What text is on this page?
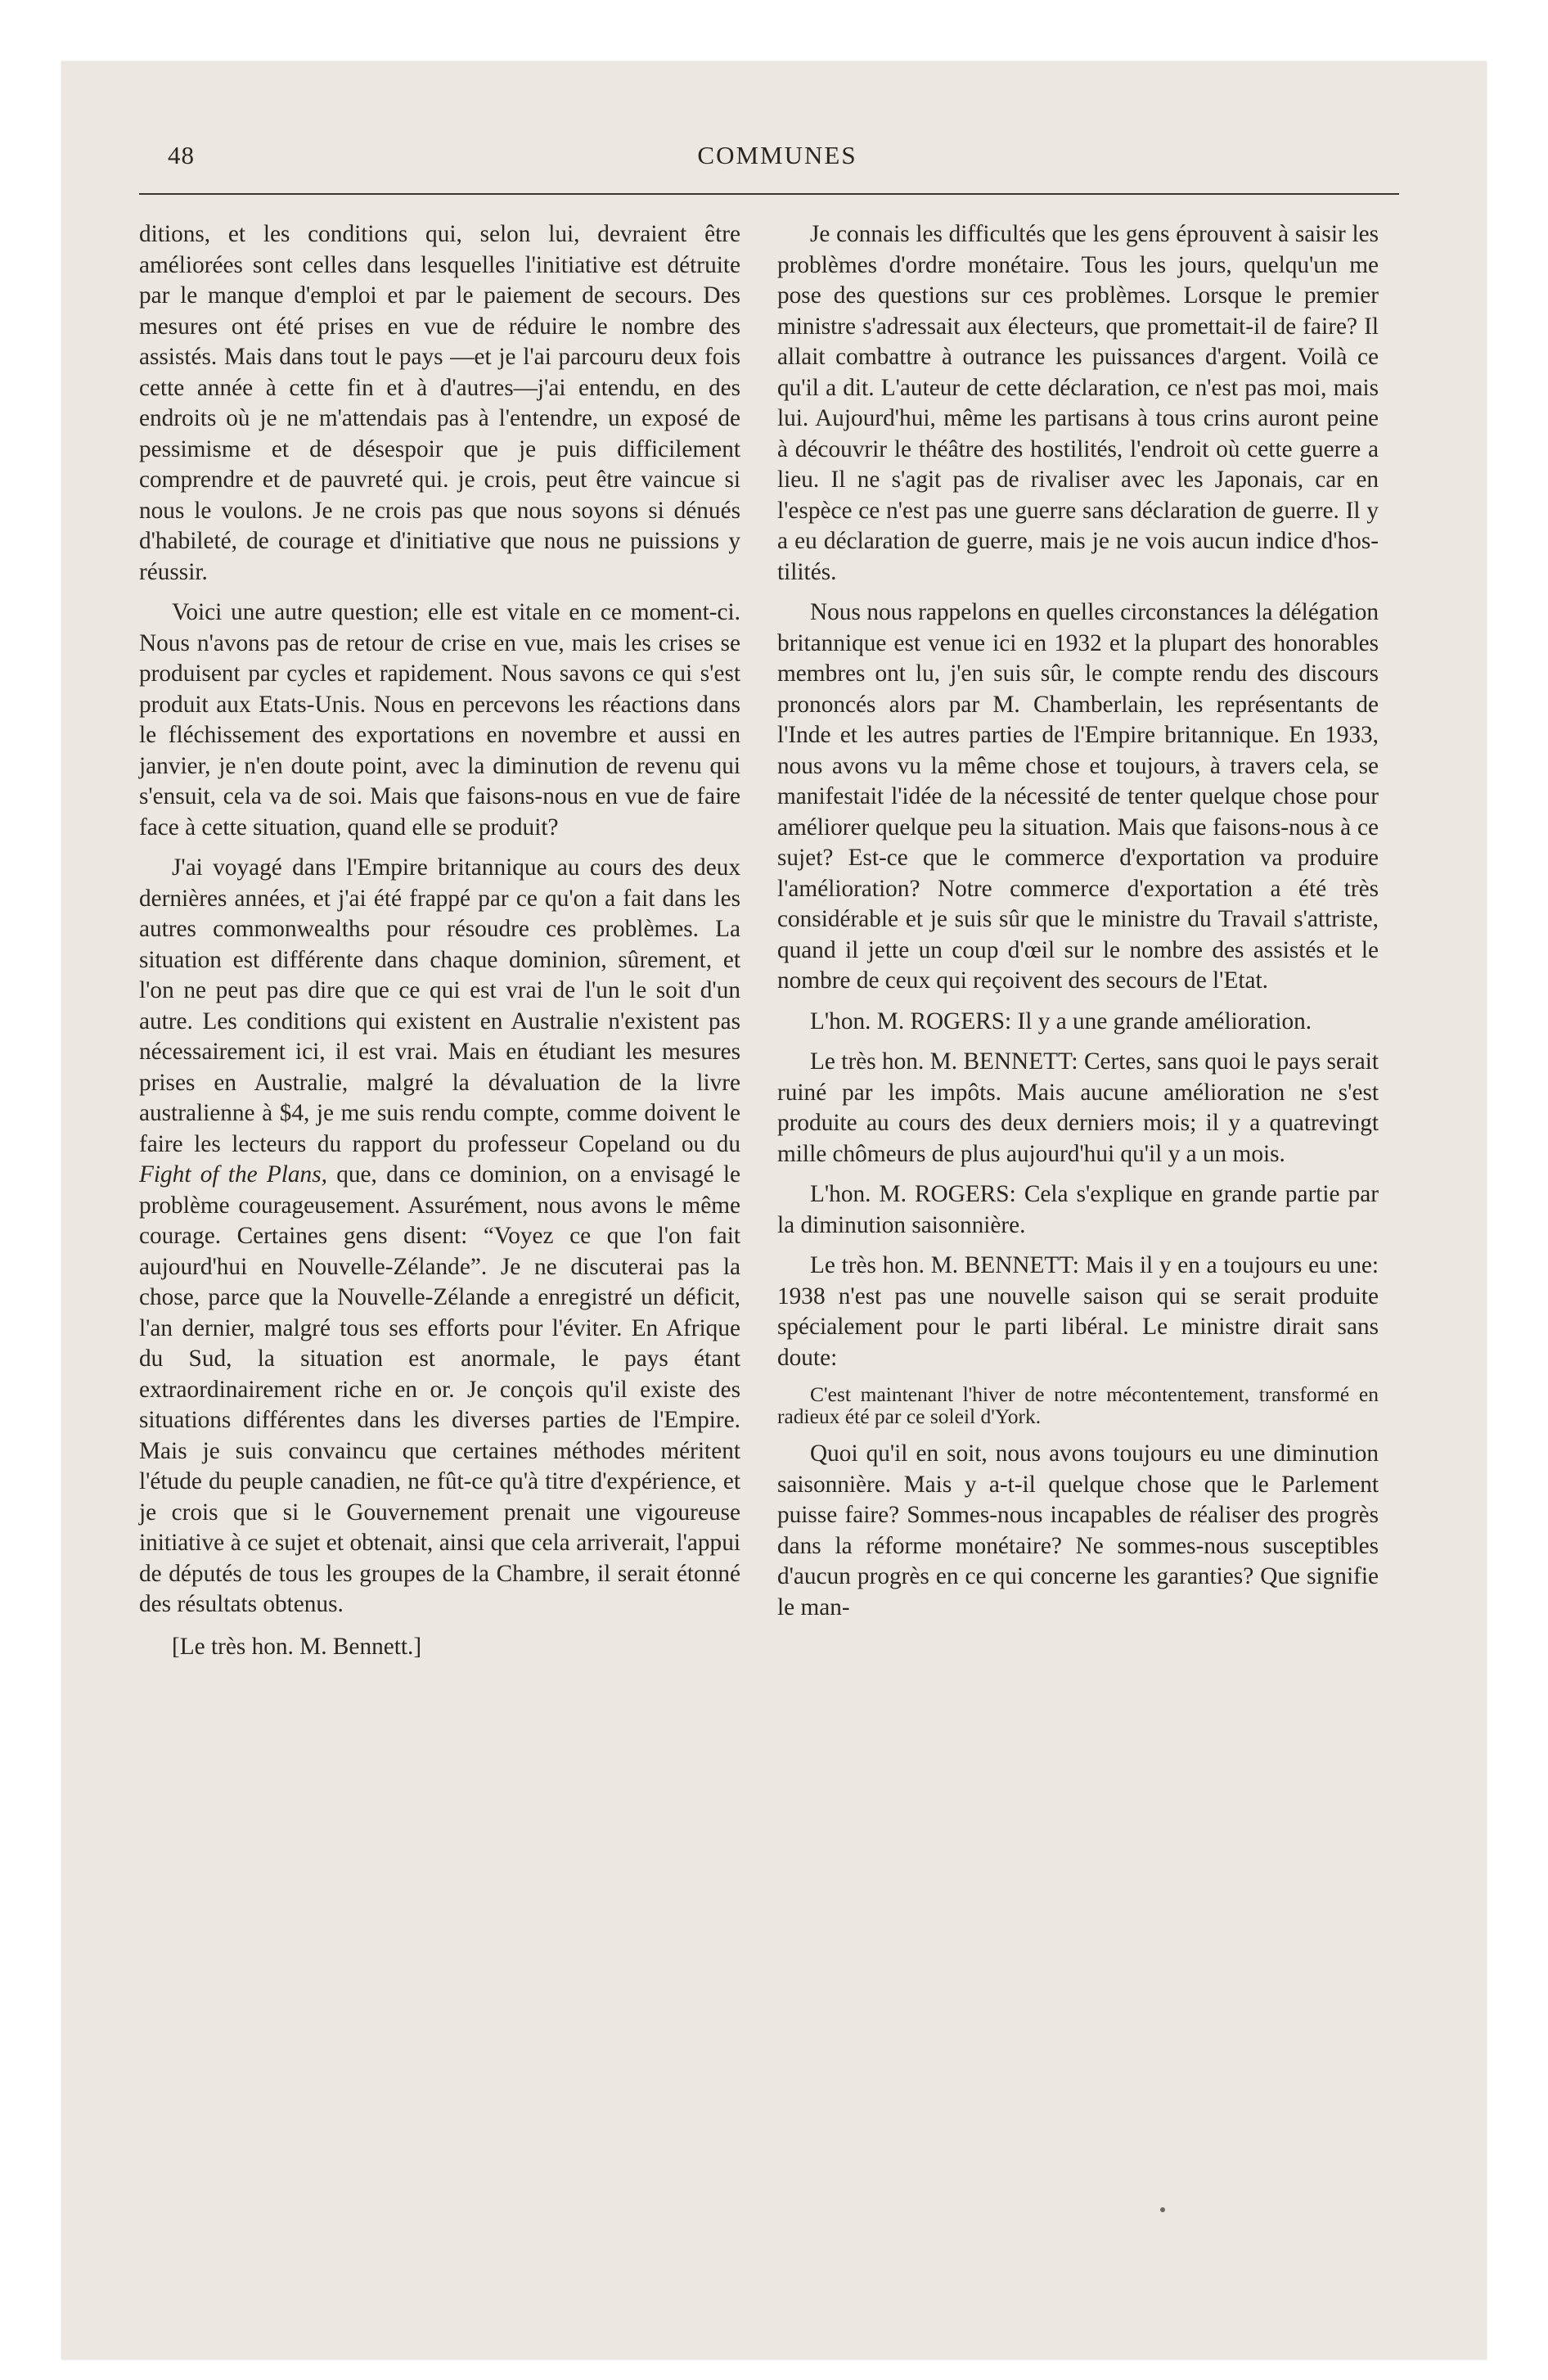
48	COMMUNES

ditions, et les conditions qui, selon lui, devraient être améliorées sont celles dans lesquelles l'initiative est détruite par le manque d'emploi et par le paiement de secours. Des mesures ont été prises en vue de réduire le nombre des assistés. Mais dans tout le pays —et je l'ai parcouru deux fois cette année à cette fin et à d'autres—j'ai entendu, en des endroits où je ne m'attendais pas à l'entendre, un exposé de pessimisme et de désespoir que je puis difficilement comprendre et de pauvreté qui. je crois, peut être vaincue si nous le voulons. Je ne crois pas que nous soyons si dénués d'habileté, de courage et d'initiative que nous ne puissions y réussir.

Voici une autre question; elle est vitale en ce moment-ci. Nous n'avons pas de retour de crise en vue, mais les crises se produisent par cycles et rapidement. Nous savons ce qui s'est produit aux Etats-Unis. Nous en percevons les réactions dans le fléchissement des exportations en novembre et aussi en janvier, je n'en doute point, avec la diminution de revenu qui s'ensuit, cela va de soi. Mais que faisons-nous en vue de faire face à cette situation, quand elle se produit?

J'ai voyagé dans l'Empire britannique au cours des deux dernières années, et j'ai été frappé par ce qu'on a fait dans les autres commonwealths pour résoudre ces problèmes. La situation est différente dans chaque dominion, sûrement, et l'on ne peut pas dire que ce qui est vrai de l'un le soit d'un autre. Les conditions qui existent en Australie n'existent pas nécessairement ici, il est vrai. Mais en étudiant les mesures prises en Australie, malgré la dévaluation de la livre australienne à $4, je me suis rendu compte, comme doivent le faire les lecteurs du rapport du professeur Copeland ou du Fight of the Plans, que, dans ce dominion, on a envisagé le problème courageusement. Assurément, nous avons le même courage. Certaines gens disent: “Voyez ce que l'on fait aujourd'hui en Nouvelle-Zélande”. Je ne discuterai pas la chose, parce que la Nouvelle-Zélande a enregistré un déficit, l'an dernier, malgré tous ses efforts pour l'éviter. En Afrique du Sud, la situation est anormale, le pays étant extraordinairement riche en or. Je conçois qu'il existe des situations différentes dans les diverses parties de l'Empire. Mais je suis convaincu que certaines méthodes méritent l'étude du peuple canadien, ne fût-ce qu'à titre d'expérience, et je crois que si le Gouvernement prenait une vigoureuse initiative à ce sujet et obtenait, ainsi que cela arriverait, l'appui de députés de tous les groupes de la Chambre, il serait étonné des résultats obtenus.

[Le très hon. M. Bennett.]

Je connais les difficultés que les gens éprouvent à saisir les problèmes d'ordre monétaire. Tous les jours, quelqu'un me pose des questions sur ces problèmes. Lorsque le premier ministre s'adressait aux électeurs, que promettait-il de faire? Il allait combattre à outrance les puissances d'argent. Voilà ce qu'il a dit. L'auteur de cette déclaration, ce n'est pas moi, mais lui. Aujourd'hui, même les partisans à tous crins auront peine à découvrir le théâtre des hostilités, l'endroit où cette guerre a lieu. Il ne s'agit pas de rivaliser avec les Japonais, car en l'espèce ce n'est pas une guerre sans déclaration de guerre. Il y a eu déclaration de guerre, mais je ne vois aucun indice d'hostilités.

Nous nous rappelons en quelles circonstances la délégation britannique est venue ici en 1932 et la plupart des honorables membres ont lu, j'en suis sûr, le compte rendu des discours prononcés alors par M. Chamberlain, les représentants de l'Inde et les autres parties de l'Empire britannique. En 1933, nous avons vu la même chose et toujours, à travers cela, se manifestait l'idée de la nécessité de tenter quelque chose pour améliorer quelque peu la situation. Mais que faisons-nous à ce sujet? Est-ce que le commerce d'exportation va produire l'amélioration? Notre commerce d'exportation a été très considérable et je suis sûr que le ministre du Travail s'attriste, quand il jette un coup d'œil sur le nombre des assistés et le nombre de ceux qui reçoivent des secours de l'Etat.

L'hon. M. ROGERS: Il y a une grande amélioration.

Le très hon. M. BENNETT: Certes, sans quoi le pays serait ruiné par les impôts. Mais aucune amélioration ne s'est produite au cours des deux derniers mois; il y a quatrevingt mille chômeurs de plus aujourd'hui qu'il y a un mois.

L'hon. M. ROGERS: Cela s'explique en grande partie par la diminution saisonnière.

Le très hon. M. BENNETT: Mais il y en a toujours eu une: 1938 n'est pas une nouvelle saison qui se serait produite spécialement pour le parti libéral. Le ministre dirait sans doute:

C'est maintenant l'hiver de notre mécontentement, transformé en radieux été par ce soleil d'York.

Quoi qu'il en soit, nous avons toujours eu une diminution saisonnière. Mais y a-t-il quelque chose que le Parlement puisse faire? Sommes-nous incapables de réaliser des progrès dans la réforme monétaire? Ne sommes-nous susceptibles d'aucun progrès en ce qui concerne les garanties? Que signifie le man-
